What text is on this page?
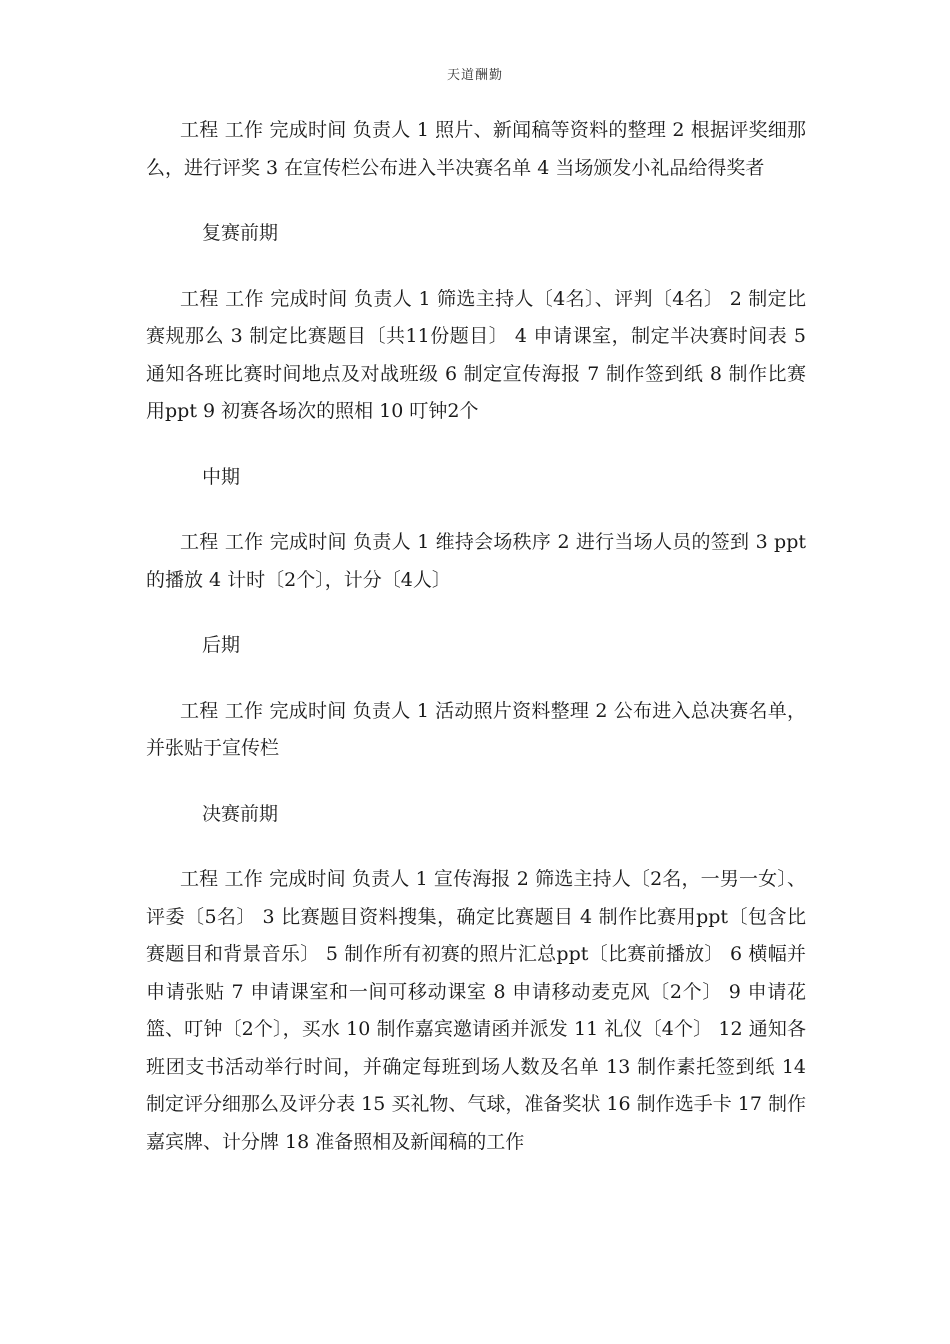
天道酬勤

工程 工作 完成时间 负责人 1 照片、新闻稿等资料的整理 2 根据评奖细那么，进行评奖 3 在宣传栏公布进入半决赛名单 4 当场颁发小礼品给得奖者

复赛前期

工程 工作 完成时间 负责人 1 筛选主持人〔4名〕、评判〔4名〕 2 制定比赛规那么 3 制定比赛题目〔共11份题目〕 4 申请课室，制定半决赛时间表 5 通知各班比赛时间地点及对战班级 6 制定宣传海报 7 制作签到纸 8 制作比赛用ppt 9 初赛各场次的照相 10 叮钟2个

中期

工程 工作 完成时间 负责人 1 维持会场秩序 2 进行当场人员的签到 3 ppt的播放 4 计时〔2个〕，计分〔4人〕

后期

工程 工作 完成时间 负责人 1 活动照片资料整理 2 公布进入总决赛名单，并张贴于宣传栏

决赛前期

工程 工作 完成时间 负责人 1 宣传海报 2 筛选主持人〔2名，一男一女〕、评委〔5名〕 3 比赛题目资料搜集，确定比赛题目 4 制作比赛用ppt〔包含比赛题目和背景音乐〕 5 制作所有初赛的照片汇总ppt〔比赛前播放〕 6 横幅并申请张贴 7 申请课室和一间可移动课室 8 申请移动麦克风〔2个〕 9 申请花篮、叮钟〔2个〕，买水 10 制作嘉宾邀请函并派发 11 礼仪〔4个〕 12 通知各班团支书活动举行时间，并确定每班到场人数及名单 13 制作素托签到纸 14 制定评分细那么及评分表 15 买礼物、气球，准备奖状 16 制作选手卡 17 制作嘉宾牌、计分牌 18 准备照相及新闻稿的工作
